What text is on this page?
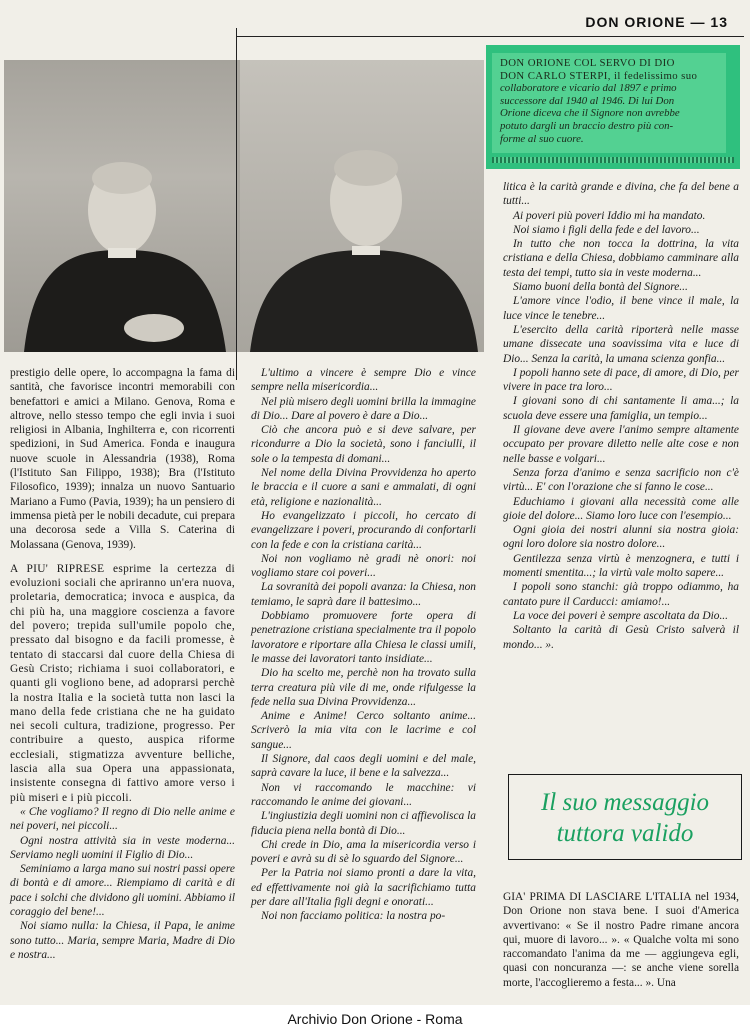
DON ORIONE — 13
DON ORIONE COL SERVO DI DIO
DON CARLO STERPI, il fedelissimo suo
collaboratore e vicario dal 1897 e primo
successore dal 1940 al 1946. Di lui Don
Orione diceva che il Signore non avrebbe
potuto dargli un braccio destro più con-
forme al suo cuore.

prestigio delle opere, lo accompagna la fama di santità, che favorisce incontri memorabili con benefattori e amici a Milano. Genova, Roma e altrove, nello stesso tempo che egli invia i suoi religiosi in Albania, Inghilterra e, con ricorrenti spedizioni, in Sud America. Fonda e inaugura nuove scuole in Alessandria (1938), Roma (l'Istituto San Filippo, 1938); Bra (l'Istituto Filosofico, 1939); innalza un nuovo Santuario Mariano a Fumo (Pavia, 1939); ha un pensiero di immensa pietà per le nobili decadute, cui prepara una decorosa sede a Villa S. Caterina di Molassana (Genova, 1939).

A PIU' RIPRESE esprime la certezza di evoluzioni sociali che apriranno un'era nuova, proletaria, democratica; invoca e auspica, da chi più ha, una maggiore coscienza a favore del povero; trepida sull'umile popolo che, pressato dal bisogno e da facili promesse, è tentato di staccarsi dal cuore della Chiesa di Gesù Cristo; richiama i suoi collaboratori, e quanti gli vogliono bene, ad adoprarsi perchè la nostra Italia e la società tutta non lasci la mano della fede cristiana che ne ha guidato nei secoli cultura, tradizione, progresso. Per contribuire a questo, auspica riforme ecclesiali, stigmatizza avventure belliche, lascia alla sua Opera una appassionata, insistente consegna di fattivo amore verso i più miseri e i più piccoli.

« Che vogliamo? Il regno di Dio nelle anime e nei poveri, nei piccoli...

Ogni nostra attività sia in veste moderna... Serviamo negli uomini il Figlio di Dio...

Seminiamo a larga mano sui nostri passi opere di bontà e di amore... Riempiamo di carità e di pace i solchi che dividono gli uomini. Abbiamo il coraggio del bene!...

Noi siamo nulla: la Chiesa, il Papa, le anime sono tutto... Maria, sempre Maria, Madre di Dio e nostra...

L'ultimo a vincere è sempre Dio e vince sempre nella misericordia...

Nel più misero degli uomini brilla la immagine di Dio... Dare al povero è dare a Dio...

Ciò che ancora può e si deve salvare, per ricondurre a Dio la società, sono i fanciulli, il sole o la tempesta di domani...

Nel nome della Divina Provvidenza ho aperto le braccia e il cuore a sani e ammalati, di ogni età, religione e nazionalità...

Ho evangelizzato i piccoli, ho cercato di evangelizzare i poveri, procurando di confortarli con la fede e con la cristiana carità...

Noi non vogliamo nè gradi nè onori: noi vogliamo stare coi poveri...

La sovranità dei popoli avanza: la Chiesa, non temiamo, le saprà dare il battesimo...

Dobbiamo promuovere forte opera di penetrazione cristiana specialmente tra il popolo lavoratore e riportare alla Chiesa le classi umili, le masse dei lavoratori tanto insidiate...

Dio ha scelto me, perchè non ha trovato sulla terra creatura più vile di me, onde rifulgesse la fede nella sua Divina Provvidenza...

Anime e Anime! Cerco soltanto anime... Scriverò la mia vita con le lacrime e col sangue...

Il Signore, dal caos degli uomini e del male, saprà cavare la luce, il bene e la salvezza...

Non vi raccomando le macchine: vi raccomando le anime dei giovani...

L'ingiustizia degli uomini non ci affievolisca la fiducia piena nella bontà di Dio...

Chi crede in Dio, ama la misericordia verso i poveri e avrà su di sè lo sguardo del Signore...

Per la Patria noi siamo pronti a dare la vita, ed effettivamente noi già la sacrifichiamo tutta per dare all'Italia figli degni e onorati...

Noi non facciamo politica: la nostra po-

litica è la carità grande e divina, che fa del bene a tutti...

Ai poveri più poveri Iddio mi ha mandato.

Noi siamo i figli della fede e del lavoro...

In tutto che non tocca la dottrina, la vita cristiana e della Chiesa, dobbiamo camminare alla testa dei tempi, tutto sia in veste moderna...

Siamo buoni della bontà del Signore...

L'amore vince l'odio, il bene vince il male, la luce vince le tenebre...

L'esercito della carità riporterà nelle masse umane dissecate una soavissima vita e luce di Dio... Senza la carità, la umana scienza gonfia...

I popoli hanno sete di pace, di amore, di Dio, per vivere in pace tra loro...

I giovani sono di chi santamente li ama...; la scuola deve essere una famiglia, un tempio...

Il giovane deve avere l'animo sempre altamente occupato per provare diletto nelle alte cose e non nelle basse e volgari...

Senza forza d'animo e senza sacrificio non c'è virtù... E' con l'orazione che si fanno le cose...

Educhiamo i giovani alla necessità come alle gioie del dolore... Siamo loro luce con l'esempio...

Ogni gioia dei nostri alunni sia nostra gioia: ogni loro dolore sia nostro dolore...

Gentilezza senza virtù è menzognera, e tutti i momenti smentita...; la virtù vale molto sapere...

I popoli sono stanchi: già troppo odiammo, ha cantato pure il Carducci: amiamo!...

La voce dei poveri è sempre ascoltata da Dio...

Soltanto la carità di Gesù Cristo salverà il mondo... ».

Il suo messaggio
tuttora valido

GIA' PRIMA DI LASCIARE L'ITALIA nel 1934, Don Orione non stava bene. I suoi d'America avvertivano: « Se il nostro Padre rimane ancora qui, muore di lavoro... ». « Qualche volta mi sono raccomandato l'anima da me — aggiungeva egli, quasi con noncuranza —: se anche viene sorella morte, l'accoglieremo a festa... ». Una

Archivio Don Orione - Roma
